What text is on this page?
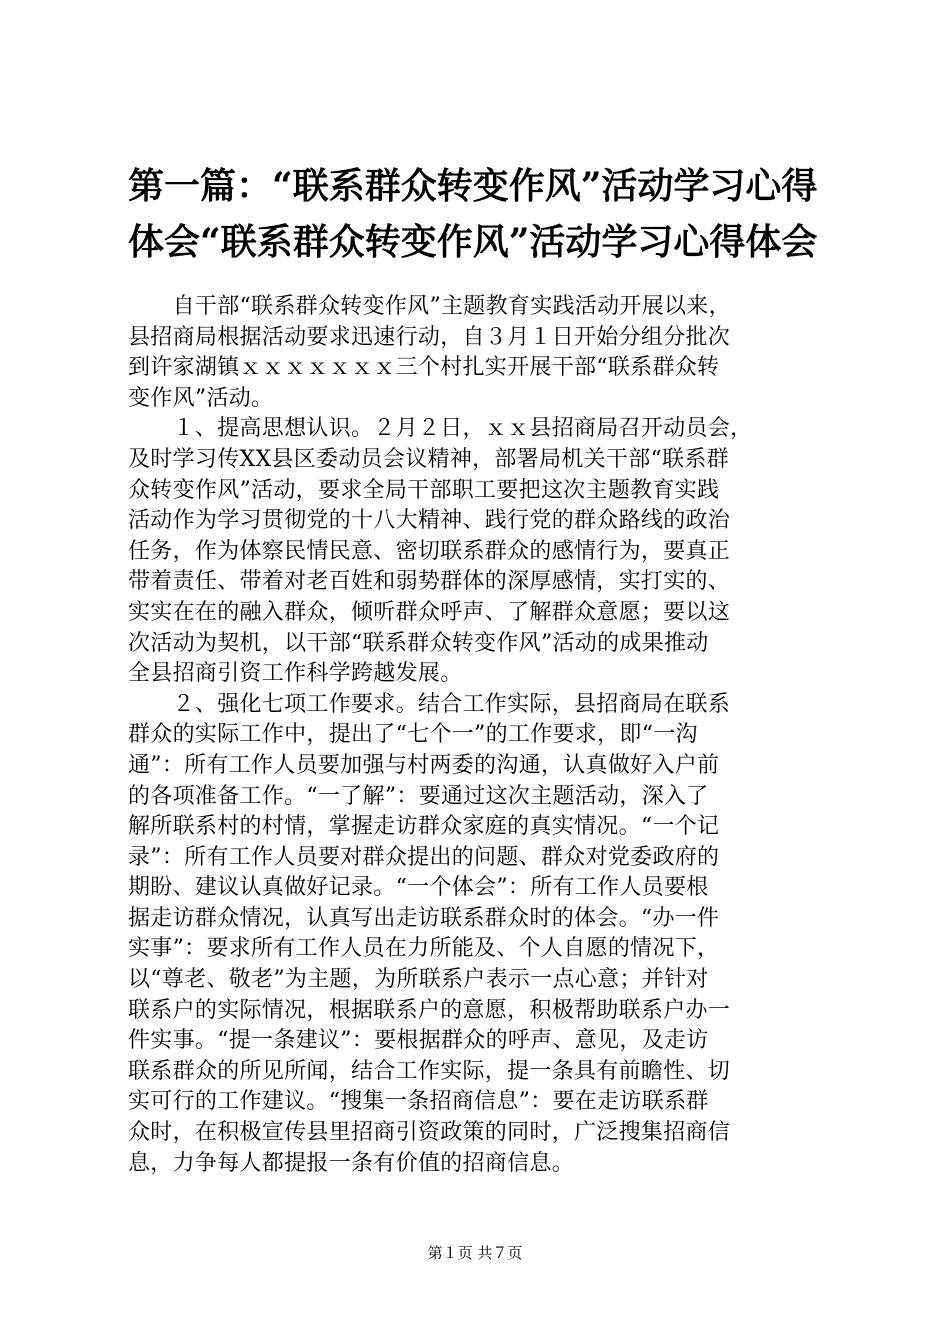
第一篇：“联系群众转变作风”活动学习心得
体会“联系群众转变作风”活动学习心得体会

　　自干部“联系群众转变作风”主题教育实践活动开展以来，
县招商局根据活动要求迅速行动，自３月１日开始分组分批次
到许家湖镇ｘｘｘｘｘｘｘ三个村扎实开展干部“联系群众转
变作风”活动。

　　１、提高思想认识。２月２日，ｘｘ县招商局召开动员会，
及时学习传XX县区委动员会议精神，部署局机关干部“联系群
众转变作风”活动，要求全局干部职工要把这次主题教育实践
活动作为学习贯彻党的十八大精神、践行党的群众路线的政治
任务，作为体察民情民意、密切联系群众的感情行为，要真正
带着责任、带着对老百姓和弱势群体的深厚感情，实打实的、
实实在在的融入群众，倾听群众呼声、了解群众意愿；要以这
次活动为契机，以干部“联系群众转变作风”活动的成果推动
全县招商引资工作科学跨越发展。

　　２、强化七项工作要求。结合工作实际，县招商局在联系
群众的实际工作中，提出了“七个一”的工作要求，即“一沟
通”：所有工作人员要加强与村两委的沟通，认真做好入户前
的各项准备工作。“一了解”：要通过这次主题活动，深入了
解所联系村的村情，掌握走访群众家庭的真实情况。“一个记
录”：所有工作人员要对群众提出的问题、群众对党委政府的
期盼、建议认真做好记录。“一个体会”：所有工作人员要根
据走访群众情况，认真写出走访联系群众时的体会。“办一件
实事”：要求所有工作人员在力所能及、个人自愿的情况下，
以“尊老、敬老”为主题，为所联系户表示一点心意；并针对
联系户的实际情况，根据联系户的意愿，积极帮助联系户办一
件实事。“提一条建议”：要根据群众的呼声、意见，及走访
联系群众的所见所闻，结合工作实际，提一条具有前瞻性、切
实可行的工作建议。“搜集一条招商信息”：要在走访联系群
众时，在积极宣传县里招商引资政策的同时，广泛搜集招商信
息，力争每人都提报一条有价值的招商信息。

第１页 共７页
